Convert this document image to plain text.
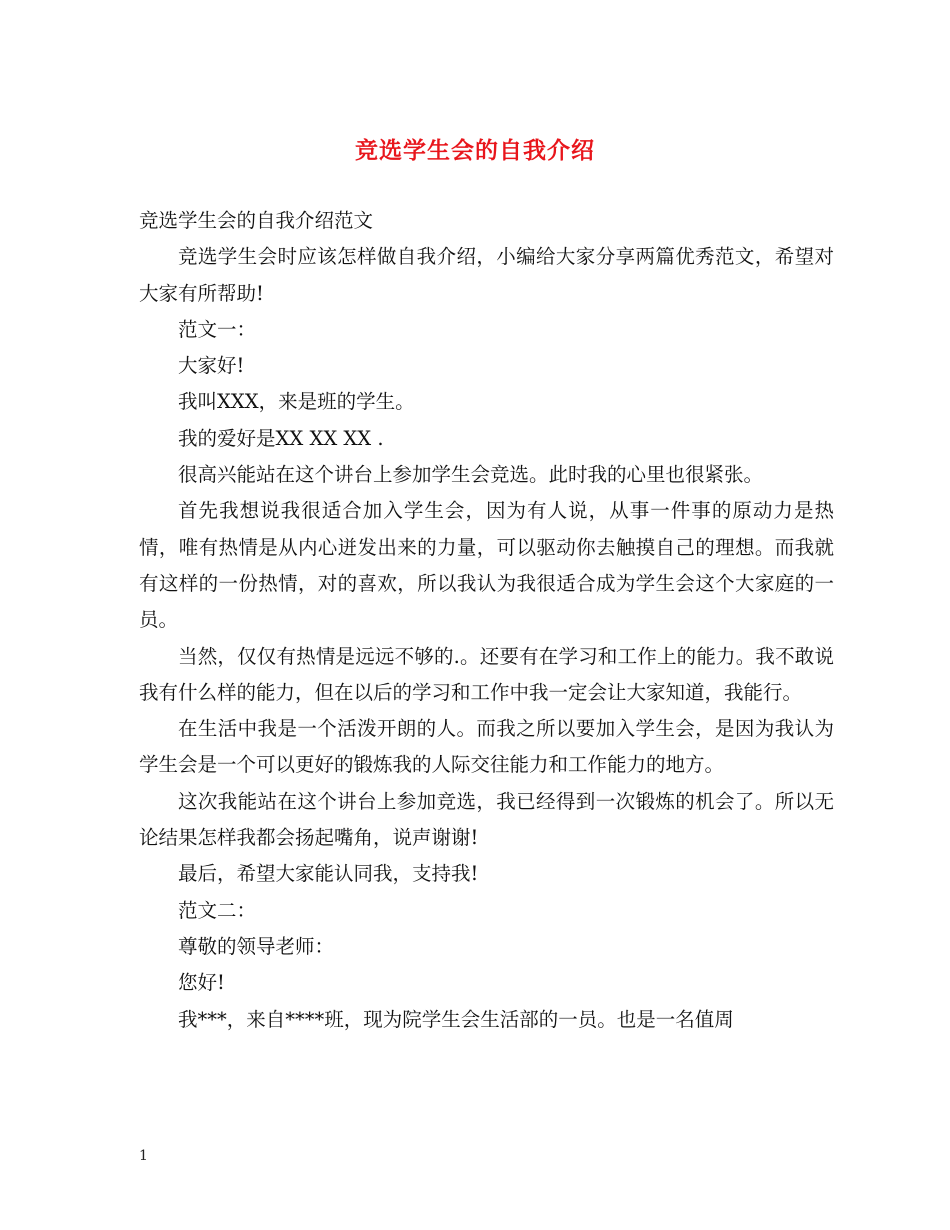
竞选学生会的自我介绍

竞选学生会的自我介绍范文

竞选学生会时应该怎样做自我介绍，小编给大家分享两篇优秀范文，希望对大家有所帮助!

范文一：

大家好!

我叫XXX，来是班的学生。

我的爱好是XX XX XX .

很高兴能站在这个讲台上参加学生会竞选。此时我的心里也很紧张。

首先我想说我很适合加入学生会，因为有人说，从事一件事的原动力是热情，唯有热情是从内心迸发出来的力量，可以驱动你去触摸自己的理想。而我就有这样的一份热情，对的喜欢，所以我认为我很适合成为学生会这个大家庭的一员。

当然，仅仅有热情是远远不够的.。还要有在学习和工作上的能力。我不敢说我有什么样的能力，但在以后的学习和工作中我一定会让大家知道，我能行。

在生活中我是一个活泼开朗的人。而我之所以要加入学生会，是因为我认为学生会是一个可以更好的锻炼我的人际交往能力和工作能力的地方。

这次我能站在这个讲台上参加竞选，我已经得到一次锻炼的机会了。所以无论结果怎样我都会扬起嘴角，说声谢谢!

最后，希望大家能认同我，支持我!

范文二：

尊敬的领导老师：

您好!

我***，来自****班，现为院学生会生活部的一员。也是一名值周

1
